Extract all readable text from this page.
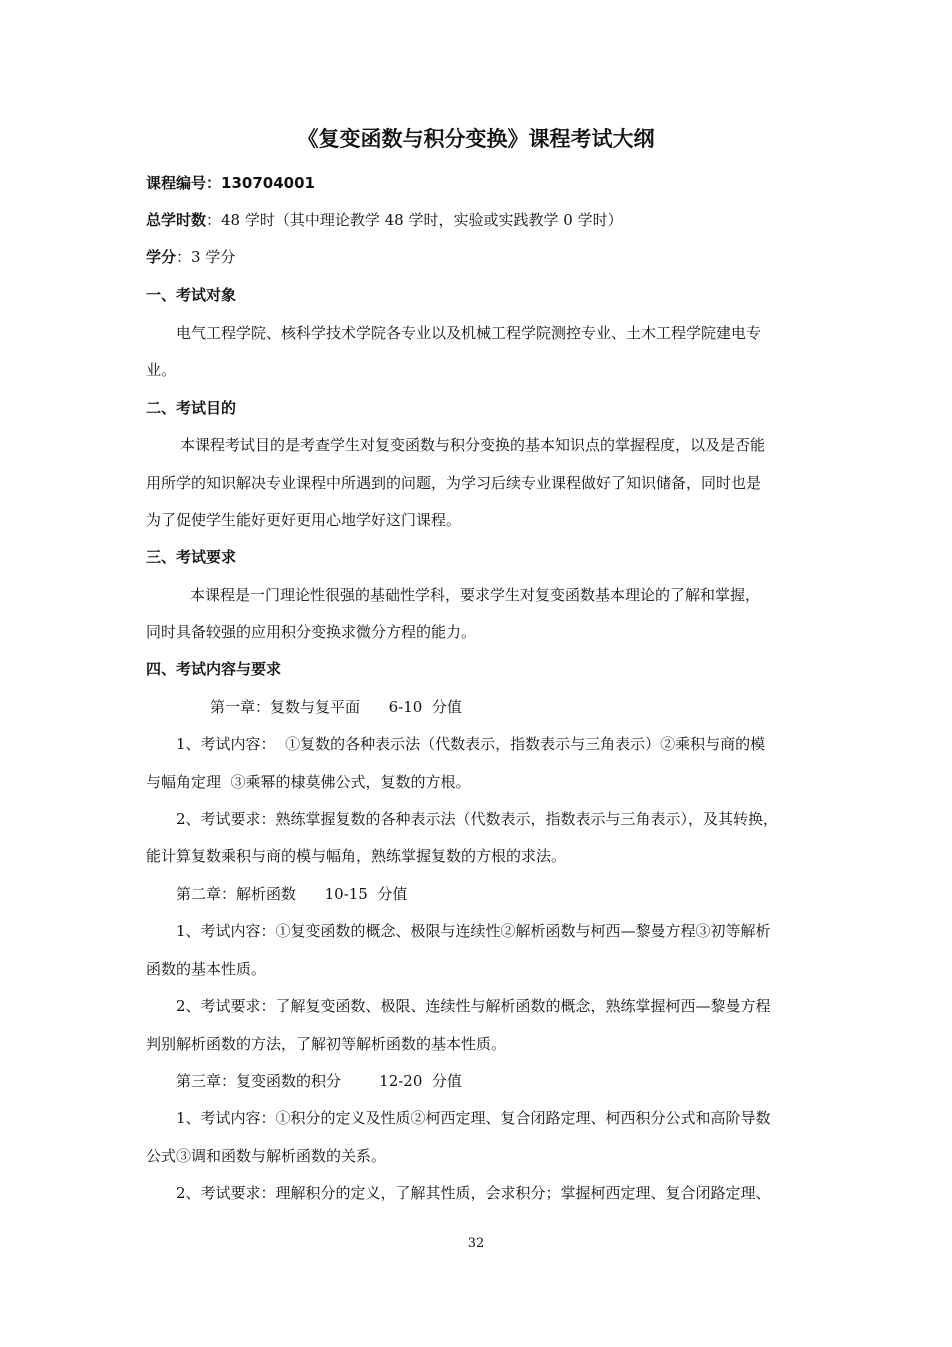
《复变函数与积分变换》课程考试大纲
课程编号：130704001
总学时数：48 学时（其中理论教学 48 学时，实验或实践教学 0 学时）
学分：3 学分
一、考试对象
电气工程学院、核科学技术学院各专业以及机械工程学院测控专业、土木工程学院建电专
业。
二、考试目的
本课程考试目的是考查学生对复变函数与积分变换的基本知识点的掌握程度，以及是否能
用所学的知识解决专业课程中所遇到的问题，为学习后续专业课程做好了知识储备，同时也是
为了促使学生能好更好更用心地学好这门课程。
三、考试要求
本课程是一门理论性很强的基础性学科，要求学生对复变函数基本理论的了解和掌握，
同时具备较强的应用积分变换求微分方程的能力。
四、考试内容与要求
第一章：复数与复平面      6-10  分值
1、考试内容：  ①复数的各种表示法（代数表示，指数表示与三角表示）②乘积与商的模
与幅角定理  ③乘幂的棣莫佛公式，复数的方根。
2、考试要求：熟练掌握复数的各种表示法（代数表示，指数表示与三角表示），及其转换，
能计算复数乘积与商的模与幅角，熟练掌握复数的方根的求法。
第二章：解析函数      10-15  分值
1、考试内容：①复变函数的概念、极限与连续性②解析函数与柯西—黎曼方程③初等解析
函数的基本性质。
2、考试要求：了解复变函数、极限、连续性与解析函数的概念，熟练掌握柯西—黎曼方程
判别解析函数的方法，了解初等解析函数的基本性质。
第三章：复变函数的积分        12-20  分值
1、考试内容：①积分的定义及性质②柯西定理、复合闭路定理、柯西积分公式和高阶导数
公式③调和函数与解析函数的关系。
2、考试要求：理解积分的定义，了解其性质，会求积分；掌握柯西定理、复合闭路定理、
32
